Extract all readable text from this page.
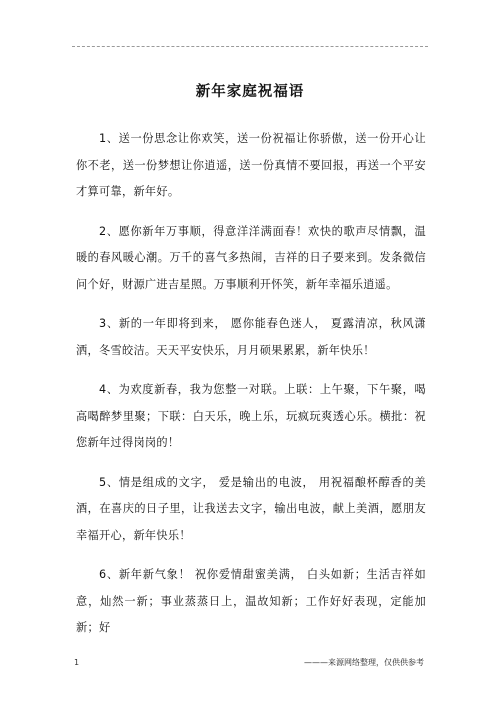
新年家庭祝福语

1、送一份思念让你欢笑，送一份祝福让你骄傲，送一份开心让你不老，送一份梦想让你逍遥，送一份真情不要回报，再送一个平安才算可靠，新年好。

2、愿你新年万事顺，得意洋洋满面春！欢快的歌声尽情飘，温暖的春风暖心潮。万千的喜气多热闹，吉祥的日子要来到。发条微信问个好，财源广进吉星照。万事顺利开怀笑，新年幸福乐逍遥。

3、新的一年即将到来， 愿你能春色迷人， 夏露清凉，秋风潇洒，冬雪皎洁。天天平安快乐，月月硕果累累，新年快乐！

4、为欢度新春，我为您整一对联。上联：上午聚，下午聚，喝高喝醉梦里聚；下联：白天乐，晚上乐，玩疯玩爽透心乐。横批：祝您新年过得岗岗的！

5、情是组成的文字， 爱是输出的电波， 用祝福酿杯醇香的美酒，在喜庆的日子里，让我送去文字，输出电波，献上美酒，愿朋友幸福开心，新年快乐！

6、新年新气象！ 祝你爱情甜蜜美满， 白头如新；生活吉祥如意，灿然一新；事业蒸蒸日上，温故知新；工作好好表现，定能加新；好

1	———来源网络整理，仅供供参考
